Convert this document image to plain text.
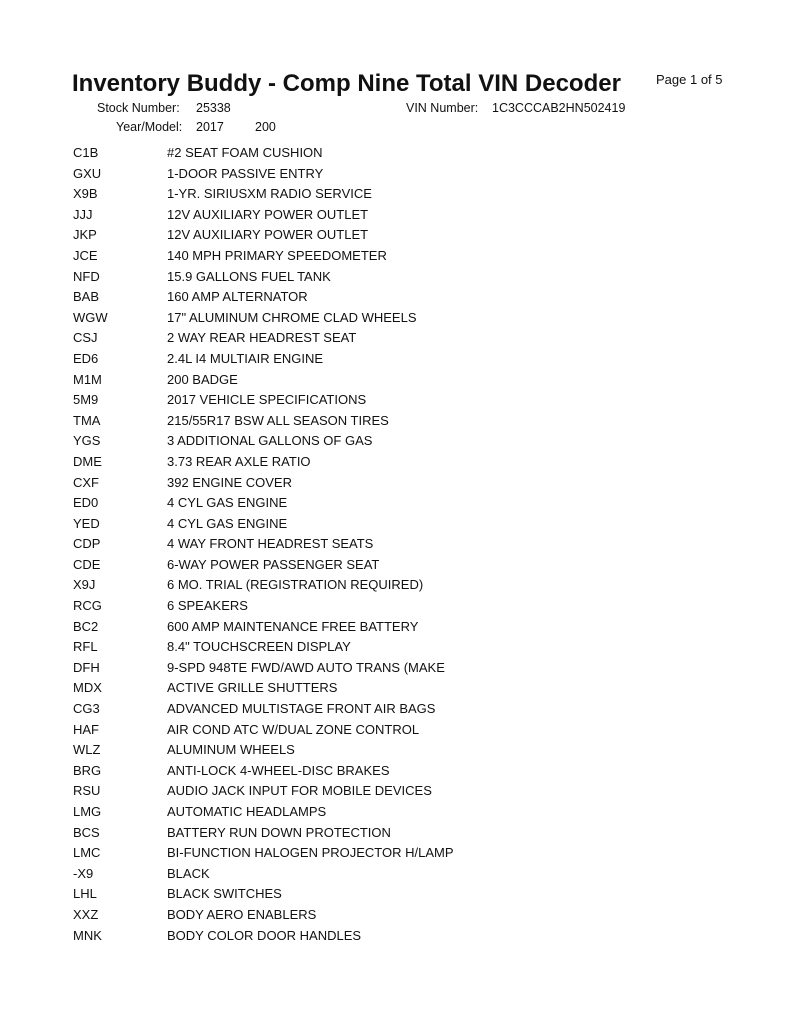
Inventory Buddy - Comp Nine Total VIN Decoder	Page 1 of 5
Stock Number: 25338	VIN Number: 1C3CCCAB2HN502419
Year/Model: 2017 200
C1B	#2 SEAT FOAM CUSHION
GXU	1-DOOR PASSIVE ENTRY
X9B	1-YR. SIRIUSXM RADIO SERVICE
JJJ	12V AUXILIARY POWER OUTLET
JKP	12V AUXILIARY POWER OUTLET
JCE	140 MPH PRIMARY SPEEDOMETER
NFD	15.9 GALLONS FUEL TANK
BAB	160 AMP ALTERNATOR
WGW	17" ALUMINUM CHROME CLAD WHEELS
CSJ	2 WAY REAR HEADREST SEAT
ED6	2.4L I4 MULTIAIR ENGINE
M1M	200 BADGE
5M9	2017 VEHICLE SPECIFICATIONS
TMA	215/55R17 BSW ALL SEASON TIRES
YGS	3 ADDITIONAL GALLONS OF GAS
DME	3.73 REAR AXLE RATIO
CXF	392 ENGINE COVER
ED0	4 CYL GAS ENGINE
YED	4 CYL GAS ENGINE
CDP	4 WAY FRONT HEADREST SEATS
CDE	6-WAY POWER PASSENGER SEAT
X9J	6 MO. TRIAL (REGISTRATION REQUIRED)
RCG	6 SPEAKERS
BC2	600 AMP MAINTENANCE FREE BATTERY
RFL	8.4" TOUCHSCREEN DISPLAY
DFH	9-SPD 948TE FWD/AWD AUTO TRANS (MAKE
MDX	ACTIVE GRILLE SHUTTERS
CG3	ADVANCED MULTISTAGE FRONT AIR BAGS
HAF	AIR COND ATC W/DUAL ZONE CONTROL
WLZ	ALUMINUM WHEELS
BRG	ANTI-LOCK 4-WHEEL-DISC BRAKES
RSU	AUDIO JACK INPUT FOR MOBILE DEVICES
LMG	AUTOMATIC HEADLAMPS
BCS	BATTERY RUN DOWN PROTECTION
LMC	BI-FUNCTION HALOGEN PROJECTOR H/LAMP
-X9	BLACK
LHL	BLACK SWITCHES
XXZ	BODY AERO ENABLERS
MNK	BODY COLOR DOOR HANDLES
